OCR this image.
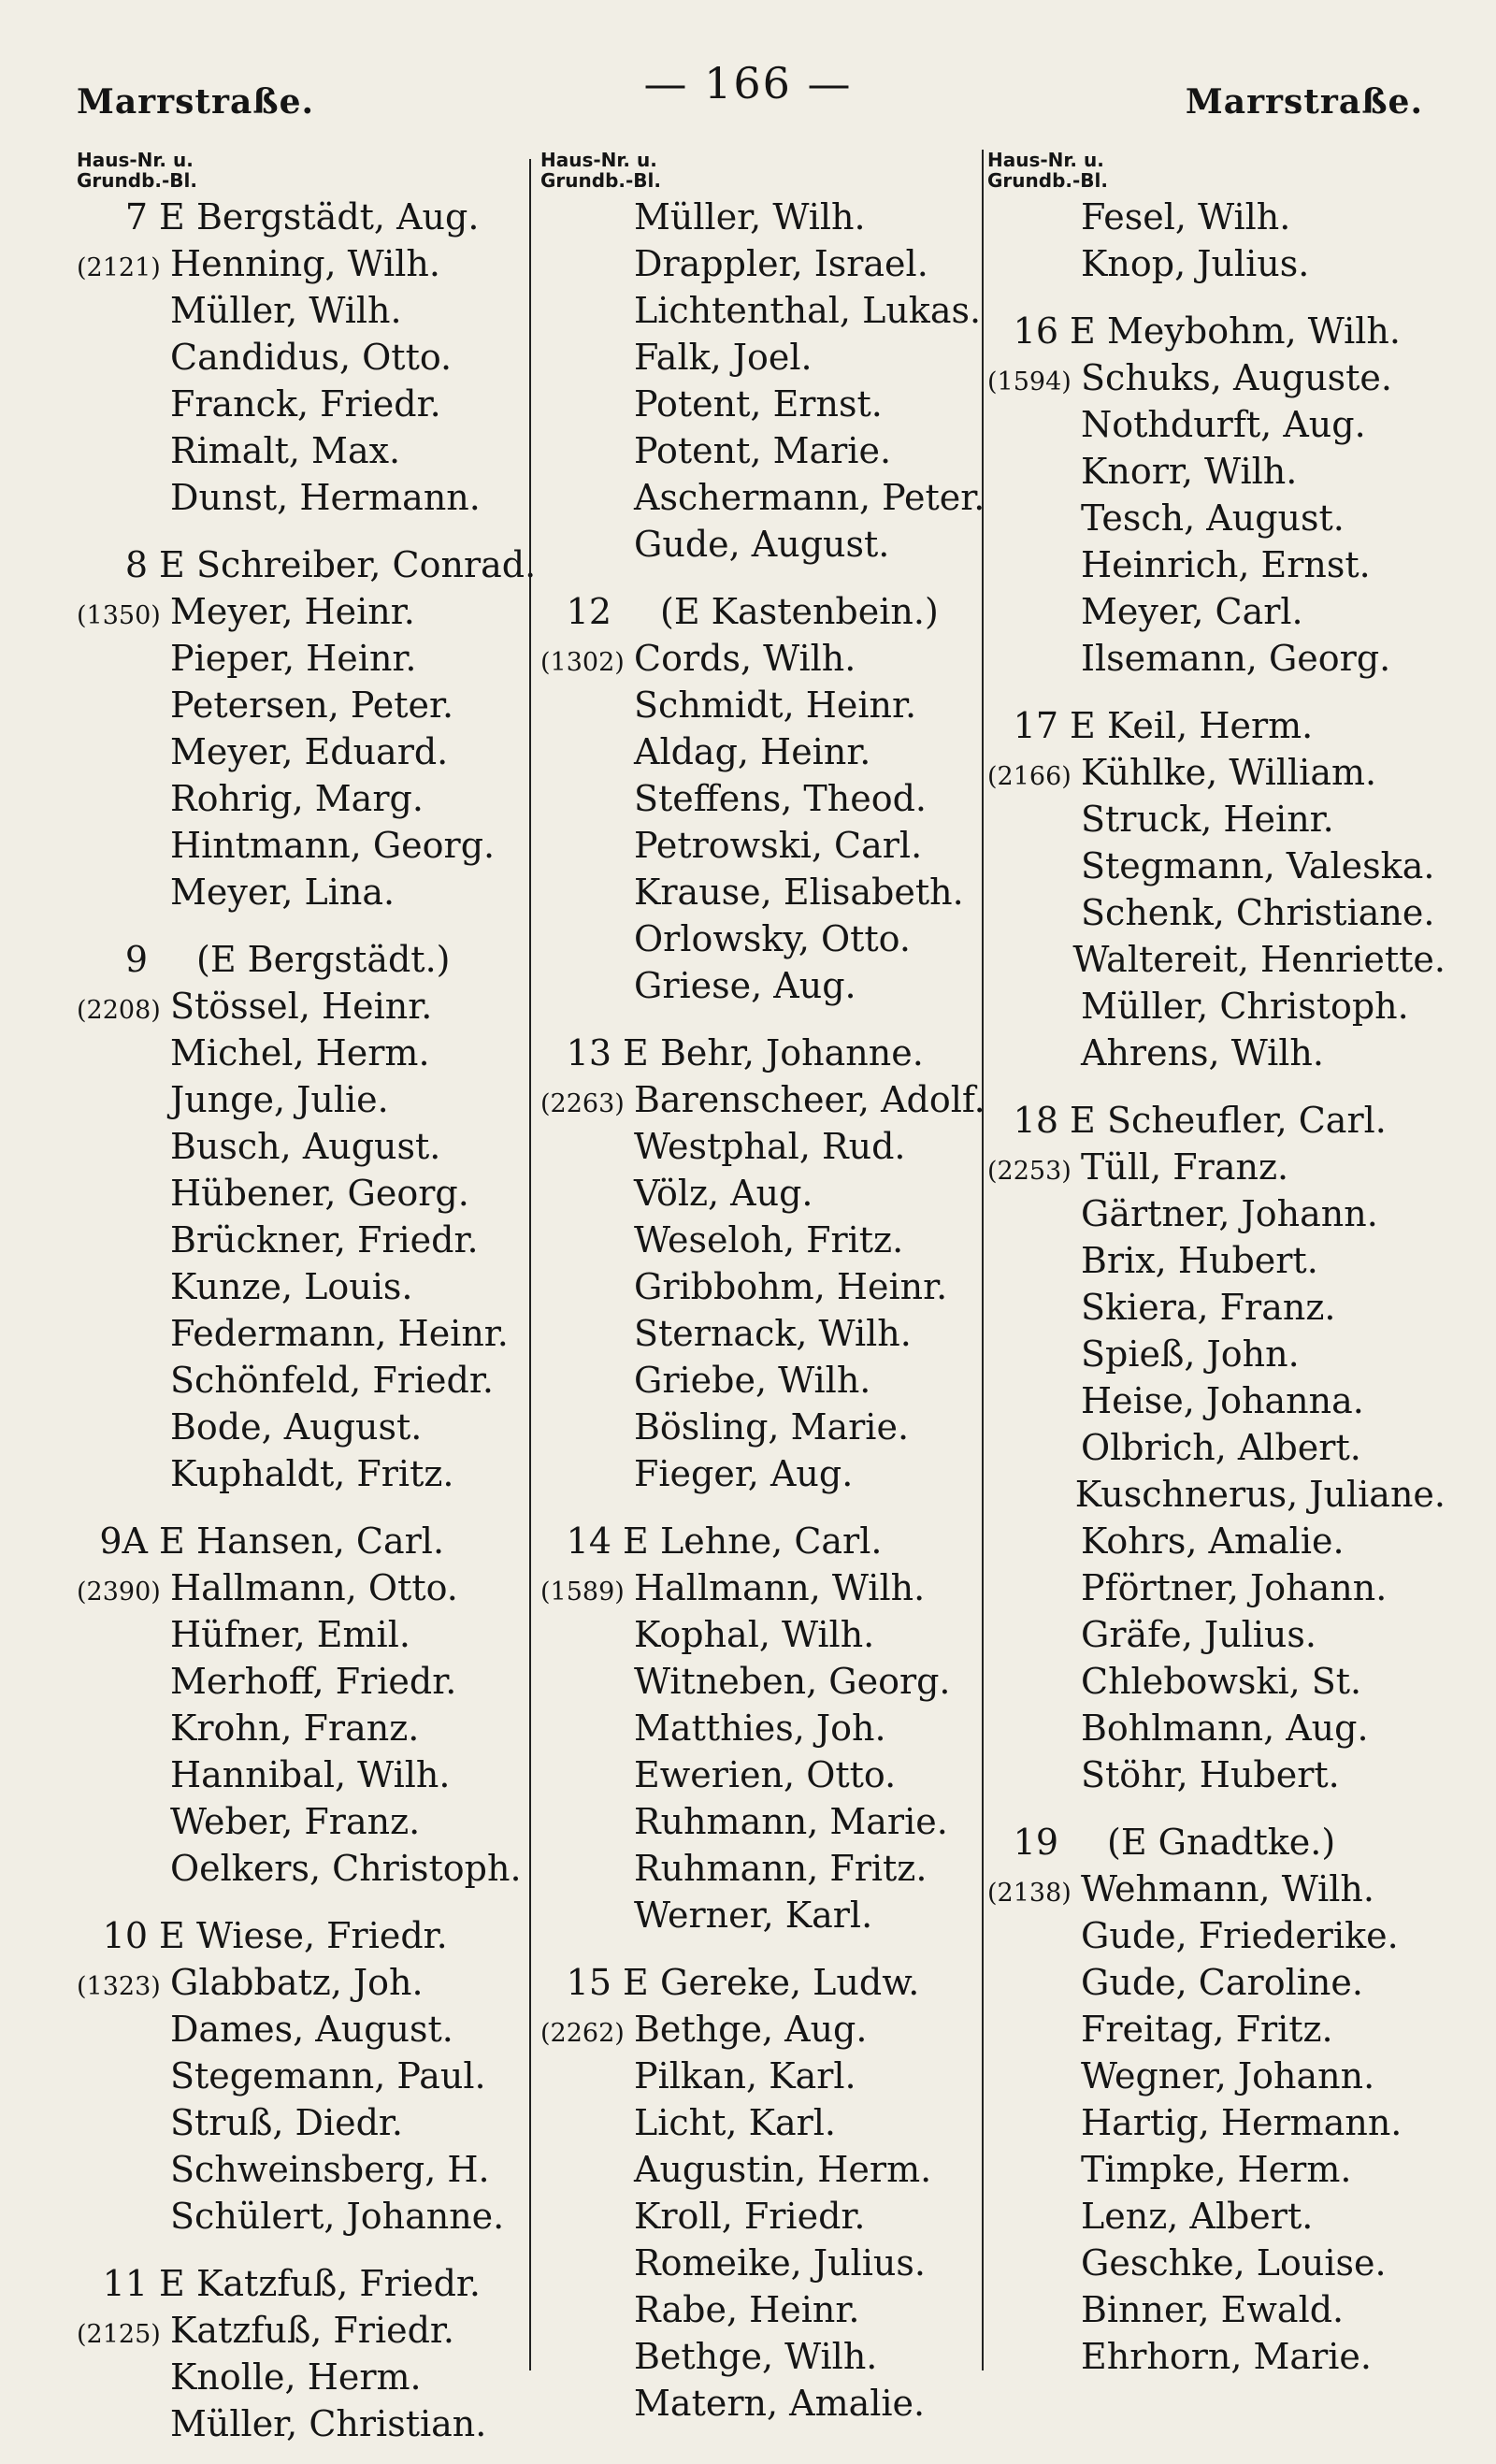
Marrstraße.	— 166 —	Marrstraße.
Haus-Nr. u.
Grundb.-Bl.
7 E Bergstädt, Aug.
(2121) Henning, Wilh.
Müller, Wilh.
Candidus, Otto.
Franck, Friedr.
Rimalt, Max.
Dunst, Hermann.
8 E Schreiber, Conrad.
(1350) Meyer, Heinr.
Pieper, Heinr.
Petersen, Peter.
Meyer, Eduard.
Rohrig, Marg.
Hintmann, Georg.
Meyer, Lina.
9	(E Bergstädt.)
(2208) Stössel, Heinr.
Michel, Herm.
Junge, Julie.
Busch, August.
Hübener, Georg.
Brückner, Friedr.
Kunze, Louis.
Federmann, Heinr.
Schönfeld, Friedr.
Bode, August.
Kuphaldt, Fritz.
9A E Hansen, Carl.
(2390) Hallmann, Otto.
Hüfner, Emil.
Merhoff, Friedr.
Krohn, Franz.
Hannibal, Wilh.
Weber, Franz.
Oelkers, Christoph.
10 E Wiese, Friedr.
(1323) Glabbatz, Joh.
Dames, August.
Stegemann, Paul.
Struß, Diedr.
Schweinsberg, H.
Schülert, Johanne.
11 E Katzfuß, Friedr.
(2125) Katzfuß, Friedr.
Knolle, Herm.
Müller, Christian.
Haus-Nr. u.
Grundb.-Bl.
Müller, Wilh.
Drappler, Israel.
Lichtenthal, Lukas.
Falk, Joel.
Potent, Ernst.
Potent, Marie.
Aschermann, Peter.
Gude, August.
12	(E Kastenbein.)
(1302) Cords, Wilh.
Schmidt, Heinr.
Aldag, Heinr.
Steffens, Theod.
Petrowski, Carl.
Krause, Elisabeth.
Orlowsky, Otto.
Griese, Aug.
13 E Behr, Johanne.
(2263) Barenscheer, Adolf.
Westphal, Rud.
Völz, Aug.
Weseloh, Fritz.
Gribbohm, Heinr.
Sternack, Wilh.
Griebe, Wilh.
Bösling, Marie.
Fieger, Aug.
14 E Lehne, Carl.
(1589) Hallmann, Wilh.
Kophal, Wilh.
Witneben, Georg.
Matthies, Joh.
Ewerien, Otto.
Ruhmann, Marie.
Ruhmann, Fritz.
Werner, Karl.
15 E Gereke, Ludw.
(2262) Bethge, Aug.
Pilkan, Karl.
Licht, Karl.
Augustin, Herm.
Kroll, Friedr.
Romeike, Julius.
Rabe, Heinr.
Bethge, Wilh.
Matern, Amalie.
Haus-Nr. u.
Grundb.-Bl.
Fesel, Wilh.
Knop, Julius.
16 E Meybohm, Wilh.
(1594) Schuks, Auguste.
Nothdurft, Aug.
Knorr, Wilh.
Tesch, August.
Heinrich, Ernst.
Meyer, Carl.
Ilsemann, Georg.
17 E Keil, Herm.
(2166) Kühlke, William.
Struck, Heinr.
Stegmann, Valeska.
Schenk, Christiane.
Waltereit, Henriette.
Müller, Christoph.
Ahrens, Wilh.
18 E Scheufler, Carl.
(2253) Tüll, Franz.
Gärtner, Johann.
Brix, Hubert.
Skiera, Franz.
Spieß, John.
Heise, Johanna.
Olbrich, Albert.
Kuschnerus, Juliane.
Kohrs, Amalie.
Pförtner, Johann.
Gräfe, Julius.
Chlebowski, St.
Bohlmann, Aug.
Stöhr, Hubert.
19	(E Gnadtke.)
(2138) Wehmann, Wilh.
Gude, Friederike.
Gude, Caroline.
Freitag, Fritz.
Wegner, Johann.
Hartig, Hermann.
Timpke, Herm.
Lenz, Albert.
Geschke, Louise.
Binner, Ewald.
Ehrhorn, Marie.
